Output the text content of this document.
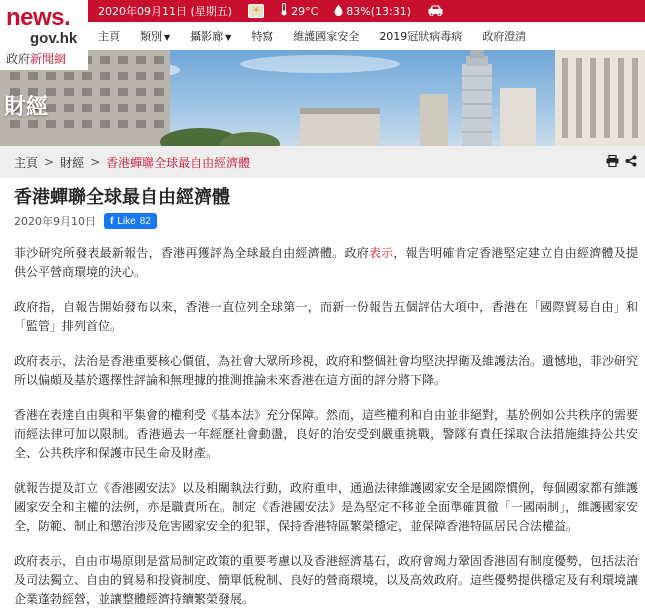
news.
gov.hk
政府新聞網
2020年09月11日 (星期五)	☀	29°C	83%(13:31)
主頁 類別 ▼ 攝影廊 ▼ 特寫 維護國家安全 2019冠狀病毒病 政府澄清
財經
主頁 > 財經 > 香港蟬聯全球最自由經濟體
香港蟬聯全球最自由經濟體
2020年9月10日 f Like 82

菲沙研究所發表最新報告，香港再獲評為全球最自由經濟體。政府表示，報告明確肯定香港堅定建立自由經濟體及提供公平營商環境的決心。

政府指，自報告開始發布以來，香港一直位列全球第一，而新一份報告五個評估大項中，香港在「國際貿易自由」和「監管」排列首位。

政府表示，法治是香港重要核心價值，為社會大眾所珍視，政府和整個社會均堅決捍衛及維護法治。遺憾地，菲沙研究所以偏頗及基於選擇性評論和無理據的推測推論未來香港在這方面的評分將下降。

香港在表達自由與和平集會的權利受《基本法》充分保障。然而，這些權利和自由並非絕對，基於例如公共秩序的需要而經法律可加以限制。香港過去一年經歷社會動盪，良好的治安受到嚴重挑戰，警隊有責任採取合法措施維持公共安全、公共秩序和保護市民生命及財產。

就報告提及訂立《香港國安法》以及相關執法行動，政府重申，通過法律維護國家安全是國際慣例，每個國家都有維護國家安全和主權的法例，亦是職責所在。制定《香港國安法》是為堅定不移並全面準確貫徹「一國兩制」，維護國家安全，防範、制止和懲治涉及危害國家安全的犯罪，保持香港特區繁榮穩定，並保障香港特區居民合法權益。

政府表示，自由市場原則是當局制定政策的重要考慮以及香港經濟基石，政府會竭力鞏固香港固有制度優勢，包括法治及司法獨立、自由的貿易和投資制度、簡單低稅制、良好的營商環境，以及高效政府。這些優勢提供穩定及有利環境讓企業蓬勃經營，並讓整體經濟持續繁榮發展。
